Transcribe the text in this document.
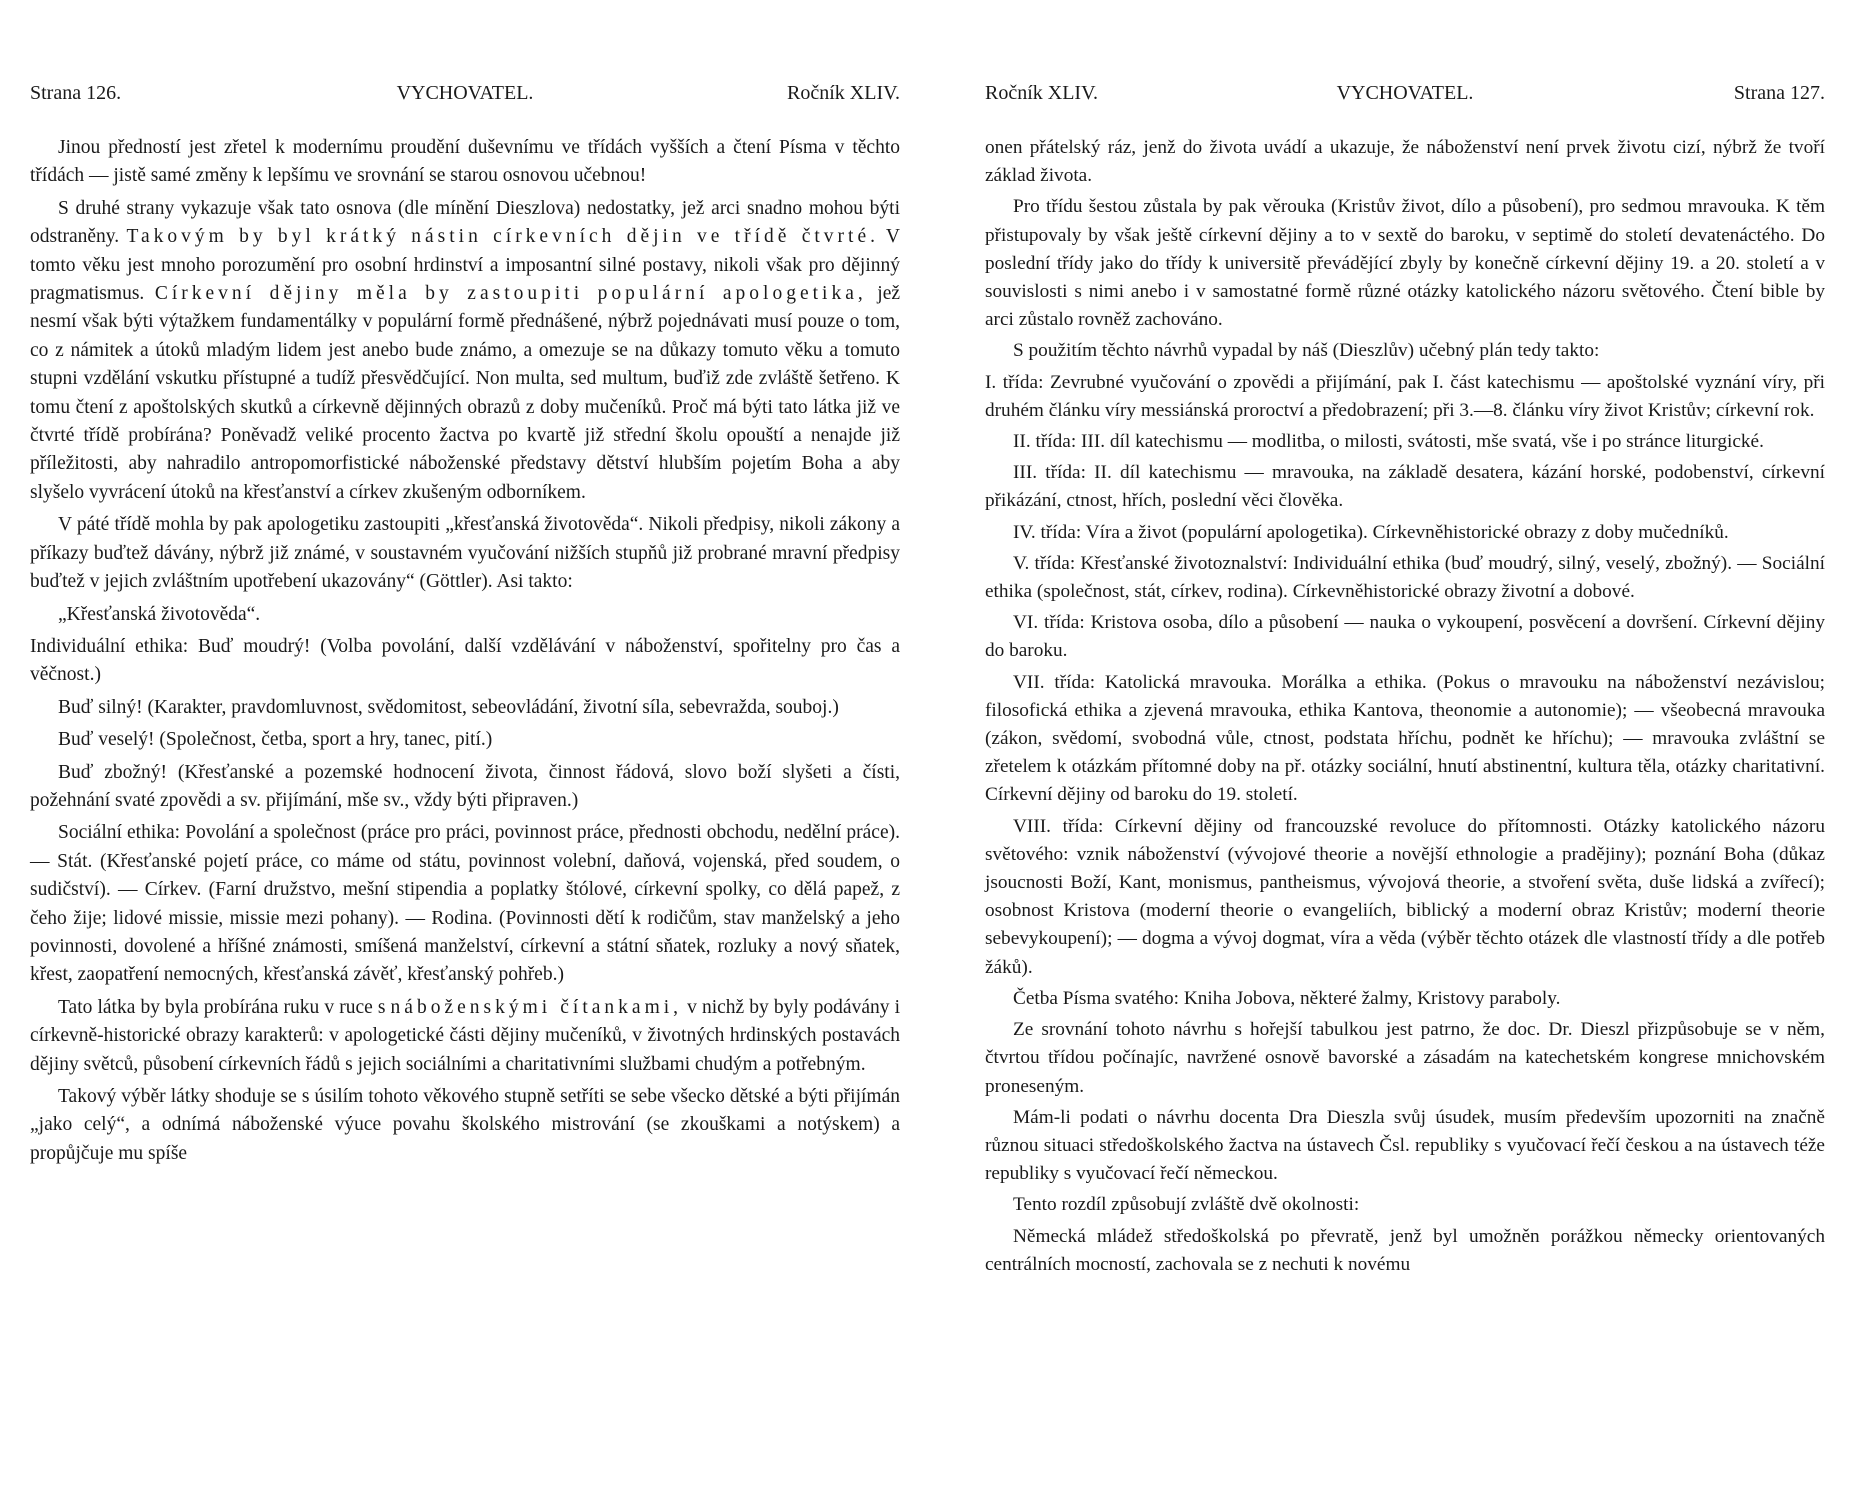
Strana 126.	VYCHOVATEL.	Ročník XLIV.

Jinou předností jest zřetel k modernímu proudění duševnímu ve třídách vyšších a čtení Písma v těchto třídách — jistě samé změny k lepšímu ve srovnání se starou osnovou učebnou!

S druhé strany vykazuje však tato osnova (dle mínění Dieszlova) nedostatky, jež arci snadno mohou býti odstraněny. Takovým by byl krátký nástin církevních dějin ve třídě čtvrté. V tomto věku jest mnoho porozumění pro osobní hrdinství a imposantní silné postavy, nikoli však pro dějinný pragmatismus. Církevní dějiny měla by zastoupiti populární apologetika, jež nesmí však býti výtažkem fundamentálky v populární formě přednášené, nýbrž pojednávati musí pouze o tom, co z námitek a útoků mladým lidem jest anebo bude známo, a omezuje se na důkazy tomuto věku a tomuto stupni vzdělání vskutku přístupné a tudíž přesvědčující. Non multa, sed multum, buďiž zde zvláště šetřeno. K tomu čtení z apoštolských skutků a církevně dějinných obrazů z doby mučeníků. Proč má býti tato látka již ve čtvrté třídě probírána? Poněvadž veliké procento žactva po kvartě již střední školu opouští a nenajde již příležitosti, aby nahradilo antropomorfistické náboženské představy dětství hlubším pojetím Boha a aby slyšelo vyvrácení útoků na křesťanství a církev zkušeným odborníkem.

V páté třídě mohla by pak apologetiku zastoupiti „křesťanská životověda“. Nikoli předpisy, nikoli zákony a příkazy buďtež dávány, nýbrž již známé, v soustavném vyučování nižších stupňů již probrané mravní předpisy buďtež v jejich zvláštním upotřebení ukazovány“ (Göttler). Asi takto:

„Křesťanská životověda“.

Individuální ethika: Buď moudrý! (Volba povolání, další vzdělávání v náboženství, spořitelny pro čas a věčnost.)

Buď silný! (Karakter, pravdomluvnost, svědomitost, sebeovládání, životní síla, sebevražda, souboj.)

Buď veselý! (Společnost, četba, sport a hry, tanec, pití.)

Buď zbožný! (Křesťanské a pozemské hodnocení života, činnost řádová, slovo boží slyšeti a čísti, požehnání svaté zpovědi a sv. přijímání, mše sv., vždy býti připraven.)

Sociální ethika: Povolání a společnost (práce pro práci, povinnost práce, přednosti obchodu, nedělní práce). — Stát. (Křesťanské pojetí práce, co máme od státu, povinnost volební, daňová, vojenská, před soudem, o sudičství). — Církev. (Farní družstvo, mešní stipendia a poplatky štólové, církevní spolky, co dělá papež, z čeho žije; lidové missie, missie mezi pohany). — Rodina. (Povinnosti dětí k rodičům, stav manželský a jeho povinnosti, dovolené a hříšné známosti, smíšená manželství, církevní a státní sňatek, rozluky a nový sňatek, křest, zaopatření nemocných, křesťanská závěť, křesťanský pohřeb.)

Tato látka by byla probírána ruku v ruce s náboženskými čítankami, v nichž by byly podávány i církevně-historické obrazy karakterů: v apologetické části dějiny mučeníků, v životných hrdinských postavách dějiny světců, působení církevních řádů s jejich sociálními a charitativními službami chudým a potřebným.

Takový výběr látky shoduje se s úsilím tohoto věkového stupně setříti se sebe všecko dětské a býti přijímán „jako celý“, a odnímá náboženské výuce povahu školského mistrování (se zkouškami a notýskem) a propůjčuje mu spíše

Ročník XLIV.	VYCHOVATEL.	Strana 127.

onen přátelský ráz, jenž do života uvádí a ukazuje, že náboženství není prvek životu cizí, nýbrž že tvoří základ života.

Pro třídu šestou zůstala by pak věrouka (Kristův život, dílo a působení), pro sedmou mravouka. K těm přistupovaly by však ještě církevní dějiny a to v sextě do baroku, v septimě do století devatenáctého. Do poslední třídy jako do třídy k universitě převádějící zbyly by konečně církevní dějiny 19. a 20. století a v souvislosti s nimi anebo i v samostatné formě různé otázky katolického názoru světového. Čtení bible by arci zůstalo rovněž zachováno.

S použitím těchto návrhů vypadal by náš (Dieszlův) učebný plán tedy takto:

I. třída: Zevrubné vyučování o zpovědi a přijímání, pak I. část katechismu — apoštolské vyznání víry, při druhém článku víry messiánská proroctví a předobrazení; při 3.—8. článku víry život Kristův; církevní rok.

II. třída: III. díl katechismu — modlitba, o milosti, svátosti, mše svatá, vše i po stránce liturgické.

III. třída: II. díl katechismu — mravouka, na základě desatera, kázání horské, podobenství, církevní přikázání, ctnost, hřích, poslední věci člověka.

IV. třída: Víra a život (populární apologetika). Církevněhistorické obrazy z doby mučedníků.

V. třída: Křesťanské životoznalství: Individuální ethika (buď moudrý, silný, veselý, zbožný). — Sociální ethika (společnost, stát, církev, rodina). Církevněhistorické obrazy životní a dobové.

VI. třída: Kristova osoba, dílo a působení — nauka o vykoupení, posvěcení a dovršení. Církevní dějiny do baroku.

VII. třída: Katolická mravouka. Morálka a ethika. (Pokus o mravouku na náboženství nezávislou; filosofická ethika a zjevená mravouka, ethika Kantova, theonomie a autonomie); — všeobecná mravouka (zákon, svědomí, svobodná vůle, ctnost, podstata hříchu, podnět ke hříchu); — mravouka zvláštní se zřetelem k otázkám přítomné doby na př. otázky sociální, hnutí abstinentní, kultura těla, otázky charitativní. Církevní dějiny od baroku do 19. století.

VIII. třída: Církevní dějiny od francouzské revoluce do přítomnosti. Otázky katolického názoru světového: vznik náboženství (vývojové theorie a novější ethnologie a pradějiny); poznání Boha (důkaz jsoucnosti Boží, Kant, monismus, pantheismus, vývojová theorie, a stvoření světa, duše lidská a zvířecí); osobnost Kristova (moderní theorie o evangeliích, biblický a moderní obraz Kristův; moderní theorie sebevykoupení); — dogma a vývoj dogmat, víra a věda (výběr těchto otázek dle vlastností třídy a dle potřeb žáků).

Četba Písma svatého: Kniha Jobova, některé žalmy, Kristovy paraboly.

Ze srovnání tohoto návrhu s hořejší tabulkou jest patrno, že doc. Dr. Dieszl přizpůsobuje se v něm, čtvrtou třídou počínajíc, navržené osnově bavorské a zásadám na katechetském kongrese mnichovském proneseným.

Mám-li podati o návrhu docenta Dra Dieszla svůj úsudek, musím především upozorniti na značně různou situaci středoškolského žactva na ústavech Čsl. republiky s vyučovací řečí českou a na ústavech téže republiky s vyučovací řečí německou.

Tento rozdíl způsobují zvláště dvě okolnosti:

Německá mládež středoškolská po převratě, jenž byl umožněn porážkou německy orientovaných centrálních mocností, zachovala se z nechuti k novému
